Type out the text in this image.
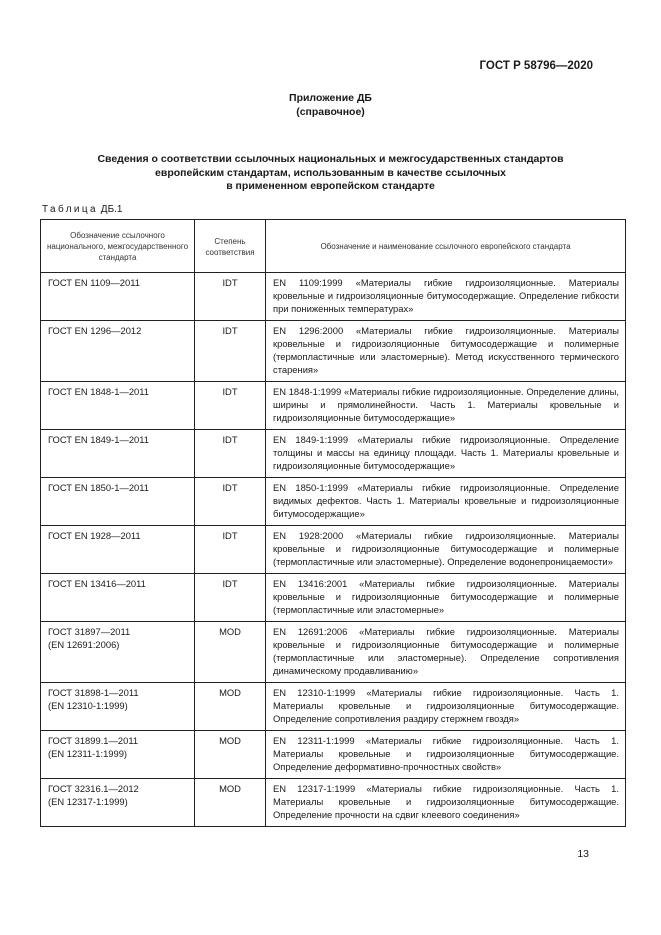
ГОСТ Р 58796—2020
Приложение ДБ
(справочное)
Сведения о соответствии ссылочных национальных и межгосударственных стандартов
европейским стандартам, использованным в качестве ссылочных
в примененном европейском стандарте
Таблица ДБ.1
Обозначение ссылочного национального, межгосударственного стандарта	Степень соответствия	Обозначение и наименование ссылочного европейского стандарта
ГОСТ EN 1109—2011	IDT	EN 1109:1999 «Материалы гибкие гидроизоляционные. Материалы кровельные и гидроизоляционные битумосодержащие. Определение гибкости при пониженных температурах»
ГОСТ EN 1296—2012	IDT	EN 1296:2000 «Материалы гибкие гидроизоляционные. Материалы кровельные и гидроизоляционные битумосодержащие и полимерные (термопластичные или эластомерные). Метод искусственного термического старения»
ГОСТ EN 1848-1—2011	IDT	EN 1848-1:1999 «Материалы гибкие гидроизоляционные. Определение длины, ширины и прямолинейности. Часть 1. Материалы кровельные и гидроизоляционные битумосодержащие»
ГОСТ EN 1849-1—2011	IDT	EN 1849-1:1999 «Материалы гибкие гидроизоляционные. Определение толщины и массы на единицу площади. Часть 1. Материалы кровельные и гидроизоляционные битумосодержащие»
ГОСТ EN 1850-1—2011	IDT	EN 1850-1:1999 «Материалы гибкие гидроизоляционные. Определение видимых дефектов. Часть 1. Материалы кровельные и гидроизоляционные битумосодержащие»
ГОСТ EN 1928—2011	IDT	EN 1928:2000 «Материалы гибкие гидроизоляционные. Материалы кровельные и гидроизоляционные битумосодержащие и полимерные (термопластичные или эластомерные). Определение водонепроницаемости»
ГОСТ EN 13416—2011	IDT	EN 13416:2001 «Материалы гибкие гидроизоляционные. Материалы кровельные и гидроизоляционные битумосодержащие и полимерные (термопластичные или эластомерные»
ГОСТ 31897—2011
(EN 12691:2006)	MOD	EN 12691:2006 «Материалы гибкие гидроизоляционные. Материалы кровельные и гидроизоляционные битумосодержащие и полимерные (термопластичные или эластомерные). Определение сопротивления динамическому продавливанию»
ГОСТ 31898-1—2011
(EN 12310-1:1999)	MOD	EN 12310-1:1999 «Материалы гибкие гидроизоляционные. Часть 1. Материалы кровельные и гидроизоляционные битумосодержащие. Определение сопротивления раздиру стержнем гвоздя»
ГОСТ 31899.1—2011
(EN 12311-1:1999)	MOD	EN 12311-1:1999 «Материалы гибкие гидроизоляционные. Часть 1. Материалы кровельные и гидроизоляционные битумосодержащие. Определение деформативно-прочностных свойств»
ГОСТ 32316.1—2012
(EN 12317-1:1999)	MOD	EN 12317-1:1999 «Материалы гибкие гидроизоляционные. Часть 1. Материалы кровельные и гидроизоляционные битумосодержащие. Определение прочности на сдвиг клеевого соединения»
13
